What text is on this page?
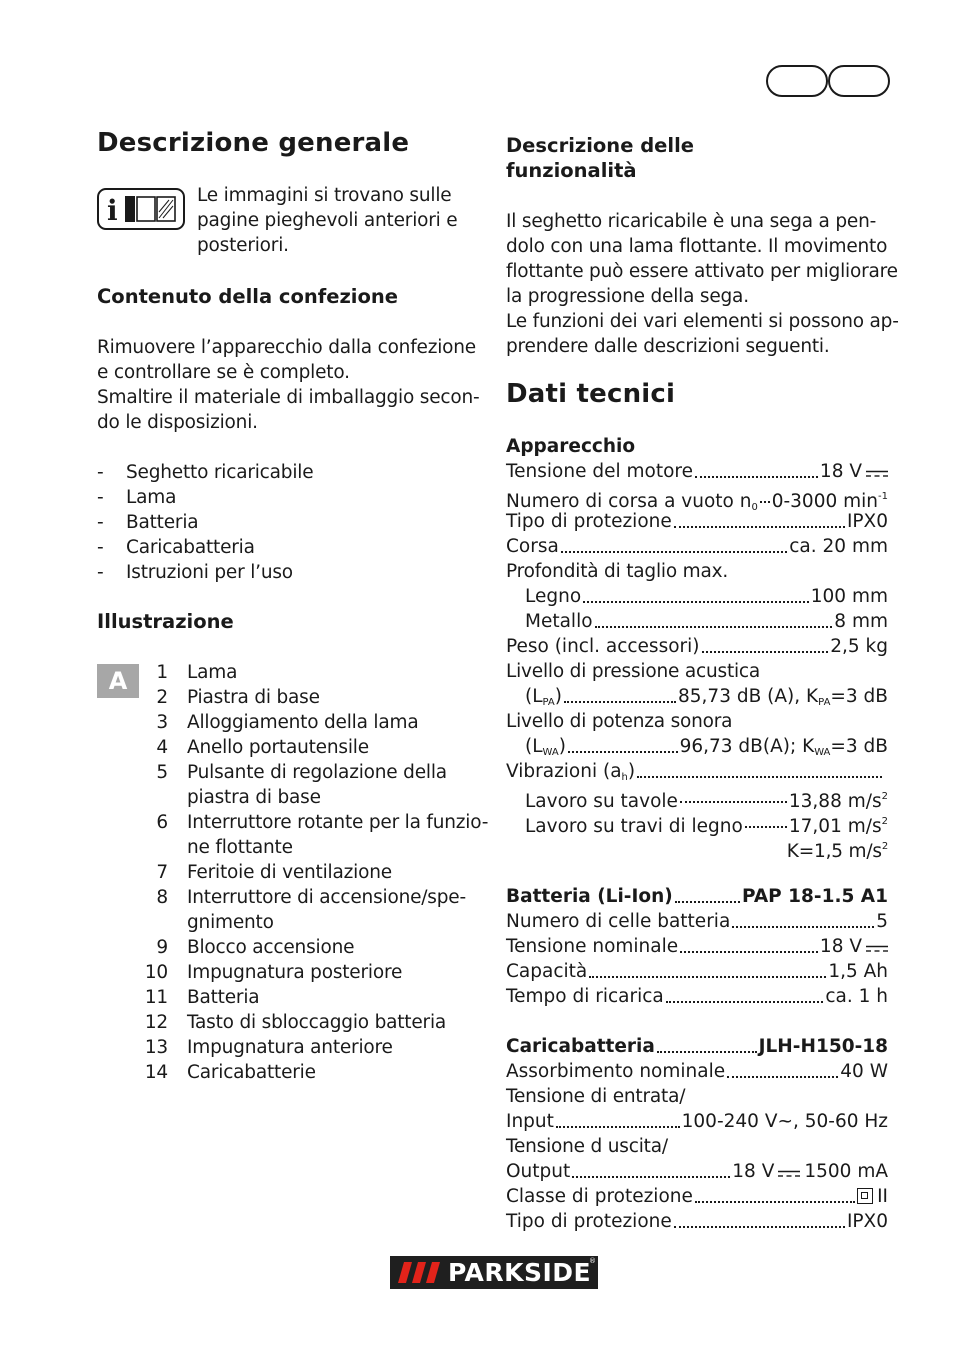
Descrizione generale
i	Le immagini si trovano sulle
pagine pieghevoli anteriori e
posteriori.
Contenuto della confezione
Rimuovere l’apparecchio dalla confezione
e controllare se è completo.
Smaltire il materiale di imballaggio secon-
do le disposizioni.
- Seghetto ricaricabile
- Lama
- Batteria
- Caricabatteria
- Istruzioni per l’uso
Illustrazione
A	1 Lama
2 Piastra di base
3 Alloggiamento della lama
4 Anello portautensile
5 Pulsante di regolazione della
piastra di base
6 Interruttore rotante per la funzio-
ne flottante
7 Feritoie di ventilazione
8 Interruttore di accensione/spe-
gnimento
9 Blocco accensione
10 Impugnatura posteriore
11 Batteria
12 Tasto di sbloccaggio batteria
13 Impugnatura anteriore
14 Caricabatterie
Descrizione delle
funzionalità
Il seghetto ricaricabile è una sega a pen-
dolo con una lama flottante. Il movimento
flottante può essere attivato per migliorare
la progressione della sega.
Le funzioni dei vari elementi si possono ap-
prendere dalle descrizioni seguenti.
Dati tecnici
Apparecchio
Tensione del motore	18 V
Numero di corsa a vuoto $n_0$ 0-3000 $\min^{-1}$
Tipo di protezione	IPX0
Corsa	ca. 20 mm
Profondità di taglio max.
Legno	100 mm
Metallo	8 mm
Peso (incl. accessori)	2,5 kg
Livello di pressione acustica
$(L_{PA})$	85,73 dB (A), $K_{PA}=3$ dB
Livello di potenza sonora
$(L_{WA})$	96,73 dB(A); $K_{WA}=3$ dB
Vibrazioni $(a_h)$
Lavoro su tavole	13,88 $m/s^2$
Lavoro su travi di legno 17,01 $m/s^2$
K=1,5 $m/s^2$
Batteria (Li-Ion)	PAP 18-1.5 A1
Numero di celle batteria	5
Tensione nominale	18 V
Capacità	1,5 Ah
Tempo di ricarica	ca. 1 h
Caricabatteria	JLH-H150-18
Assorbimento nominale	40 W
Tensione di entrata/
Input	100-240 V~, 50-60 Hz
Tensione d uscita/
Output	18 V 1500 mA
Classe di protezione	II
Tipo di protezione	IPX0
PARKSIDE
®
